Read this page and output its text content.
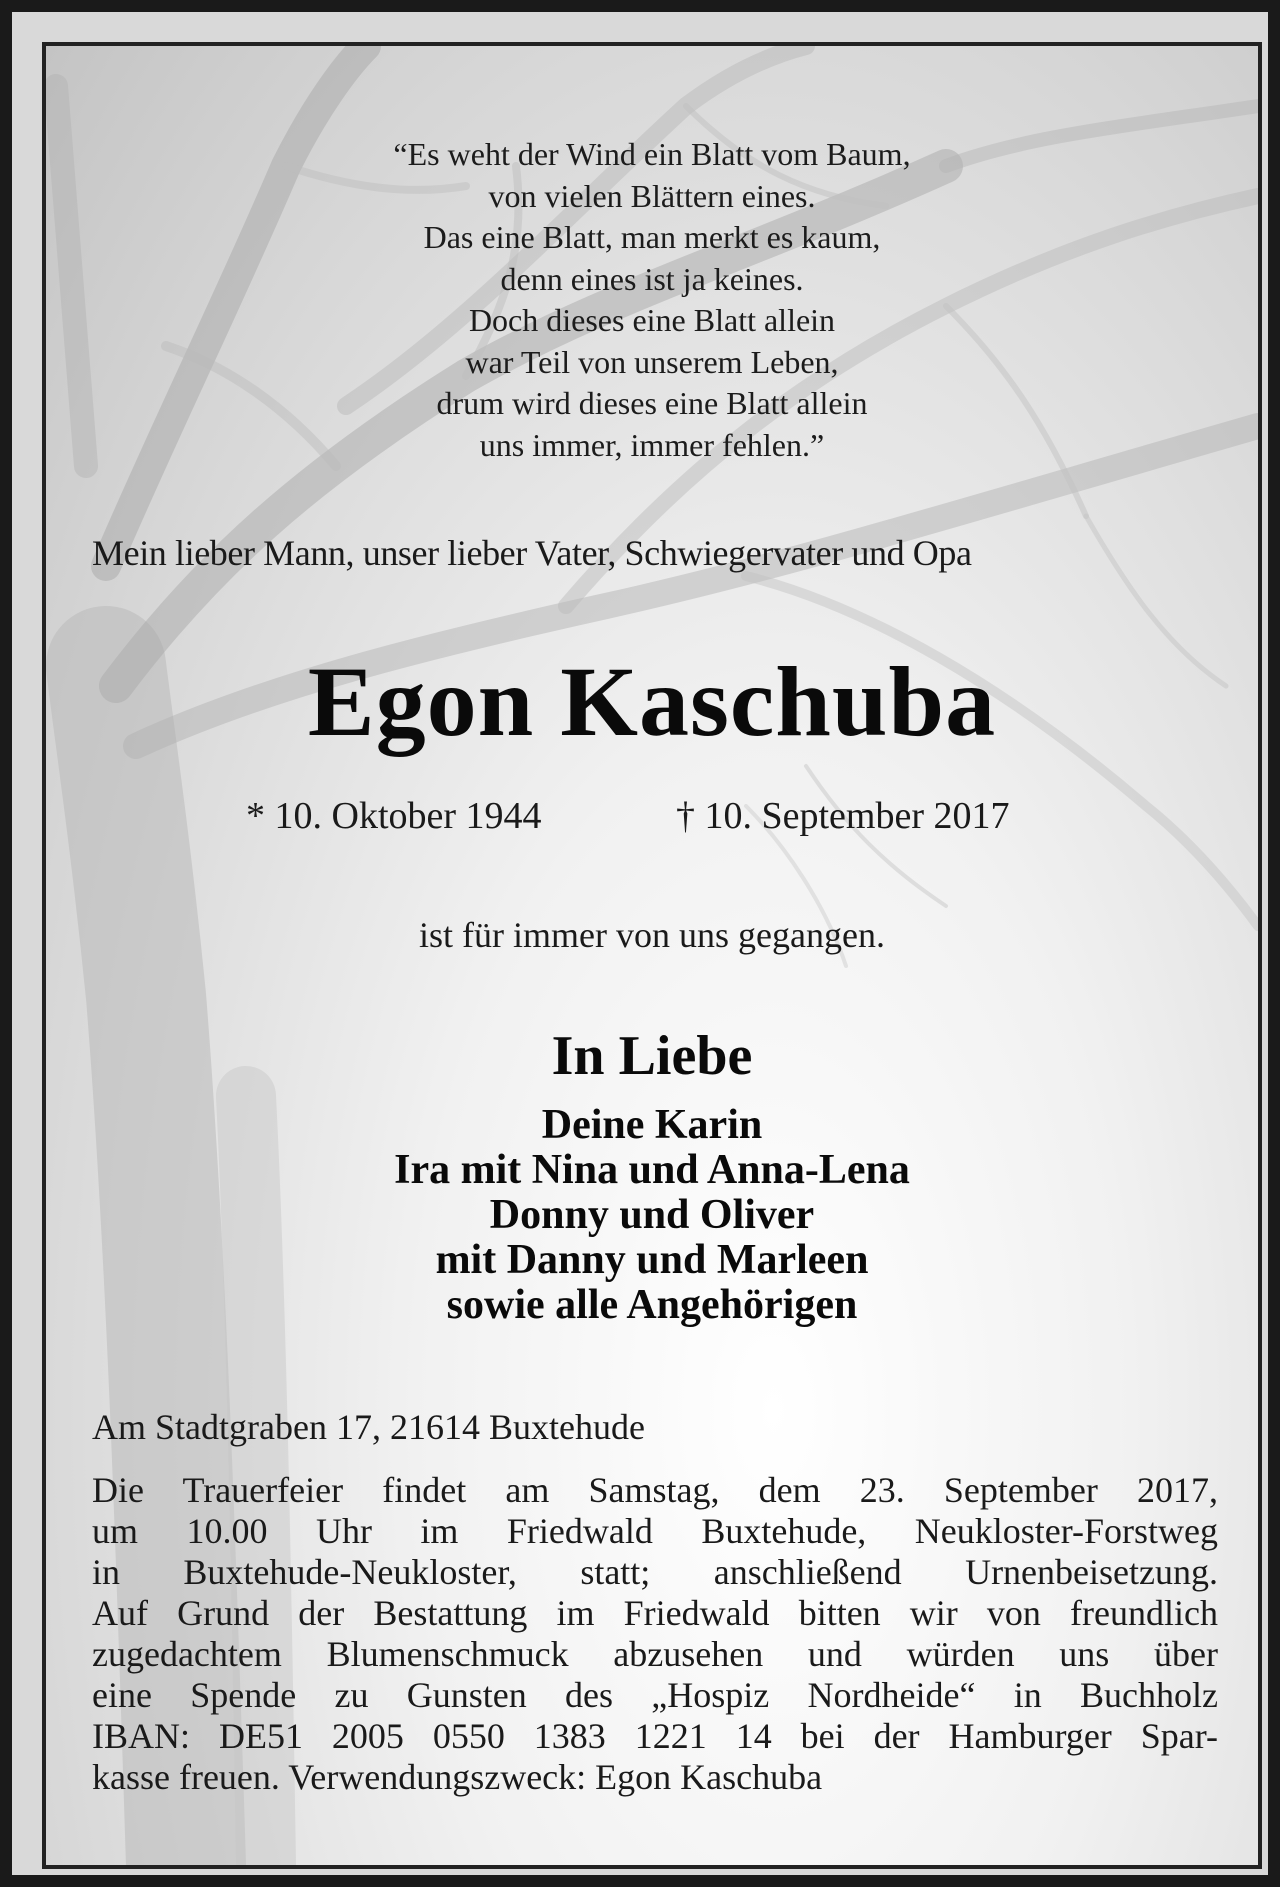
“Es weht der Wind ein Blatt vom Baum,
von vielen Blättern eines.
Das eine Blatt, man merkt es kaum,
denn eines ist ja keines.
Doch dieses eine Blatt allein
war Teil von unserem Leben,
drum wird dieses eine Blatt allein
uns immer, immer fehlen.”
Mein lieber Mann, unser lieber Vater, Schwiegervater und Opa
Egon Kaschuba
* 10. Oktober 1944	† 10. September 2017
ist für immer von uns gegangen.
In Liebe
Deine Karin
Ira mit Nina und Anna-Lena
Donny und Oliver
mit Danny und Marleen
sowie alle Angehörigen
Am Stadtgraben 17, 21614 Buxtehude
Die Trauerfeier findet am Samstag, dem 23. September 2017,
um 10.00 Uhr im Friedwald Buxtehude, Neukloster-Forstweg
in Buxtehude-Neukloster, statt; anschließend Urnenbeisetzung.
Auf Grund der Bestattung im Friedwald bitten wir von freundlich
zugedachtem Blumenschmuck abzusehen und würden uns über
eine Spende zu Gunsten des „Hospiz Nordheide“ in Buchholz
IBAN: DE51 2005 0550 1383 1221 14 bei der Hamburger Spar-
kasse freuen. Verwendungszweck: Egon Kaschuba
